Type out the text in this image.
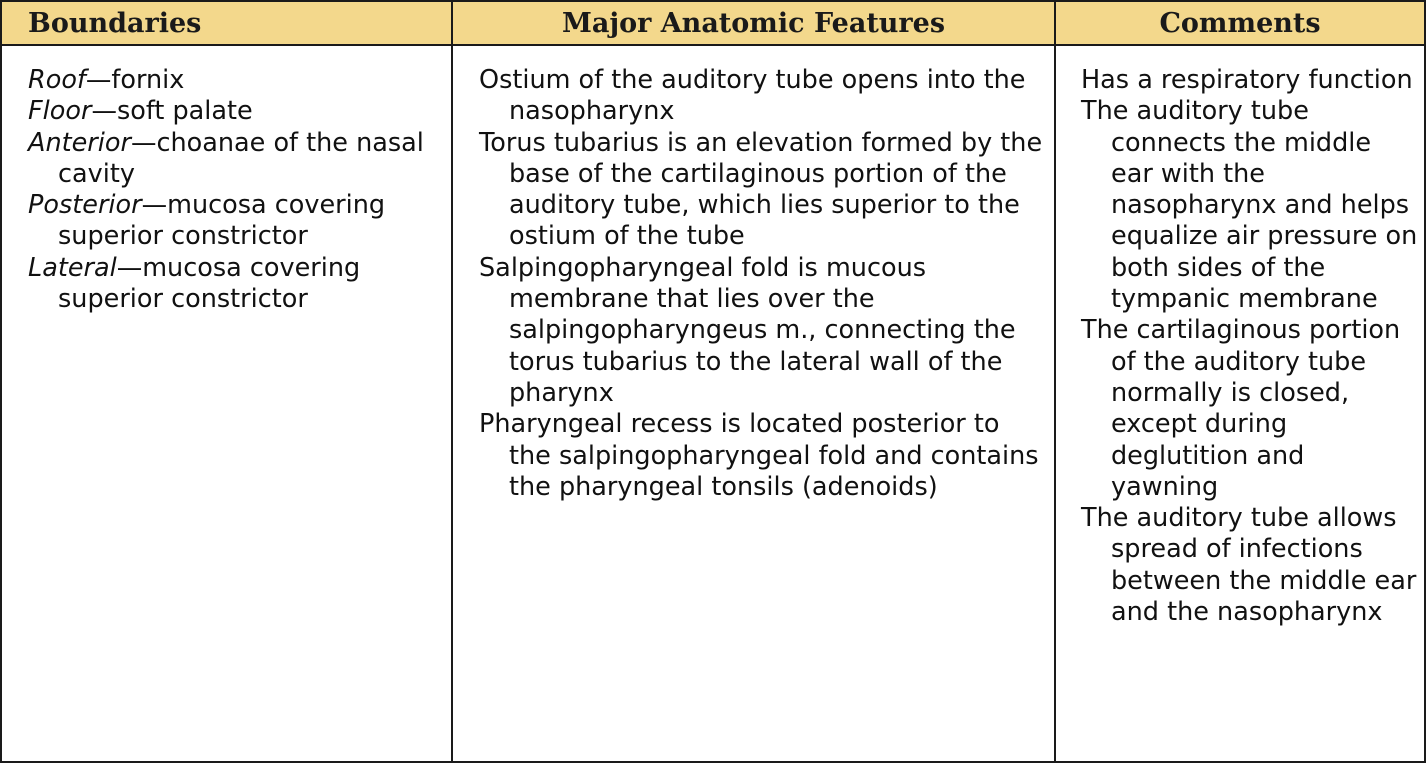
Boundaries	Major Anatomic Features	Comments

Roof—fornix

Floor—soft palate

Anterior—choanae of the nasal cavity

Posterior—mucosa covering superior constrictor

Lateral—mucosa covering superior constrictor

Ostium of the auditory tube opens into the nasopharynx

Torus tubarius is an elevation formed by the base of the cartilaginous portion of the auditory tube, which lies superior to the ostium of the tube

Salpingopharyngeal fold is mucous membrane that lies over the salpingopharyngeus m., connecting the torus tubarius to the lateral wall of the pharynx

Pharyngeal recess is located posterior to the salpingopharyngeal fold and contains the pharyngeal tonsils (adenoids)

Has a respiratory function

The auditory tube connects the middle ear with the nasopharynx and helps equalize air pressure on both sides of the tympanic membrane

The cartilaginous portion of the auditory tube normally is closed, except during deglutition and yawning

The auditory tube allows spread of infections between the middle ear and the nasopharynx
